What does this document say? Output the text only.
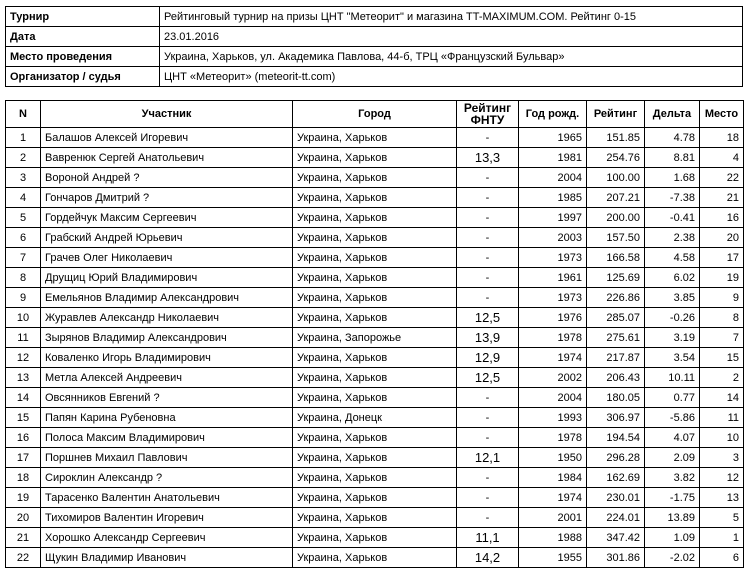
Турнир	Рейтинговый турнир на призы ЦНТ "Метеорит" и магазина TT-MAXIMUM.COM. Рейтинг 0-15
Дата	23.01.2016
Место проведения	Украина, Харьков, ул. Академика Павлова, 44-б, ТРЦ «Французский Бульвар»
Организатор / судья	ЦНТ «Метеорит» (meteorit-tt.com)
N	Участник	Город	Рейтинг ФНТУ	Год рожд.	Рейтинг	Дельта	Место
1	Балашов Алексей Игоревич	Украина, Харьков	-	1965	151.85	4.78	18
2	Вавренюк Сергей Анатольевич	Украина, Харьков	13,3	1981	254.76	8.81	4
3	Вороной Андрей ?	Украина, Харьков	-	2004	100.00	1.68	22
4	Гончаров Дмитрий ?	Украина, Харьков	-	1985	207.21	-7.38	21
5	Гордейчук Максим Сергеевич	Украина, Харьков	-	1997	200.00	-0.41	16
6	Грабский Андрей Юрьевич	Украина, Харьков	-	2003	157.50	2.38	20
7	Грачев Олег Николаевич	Украина, Харьков	-	1973	166.58	4.58	17
8	Друщиц Юрий Владимирович	Украина, Харьков	-	1961	125.69	6.02	19
9	Емельянов Владимир Александрович	Украина, Харьков	-	1973	226.86	3.85	9
10	Журавлев Александр Николаевич	Украина, Харьков	12,5	1976	285.07	-0.26	8
11	Зырянов Владимир Александрович	Украина, Запорожье	13,9	1978	275.61	3.19	7
12	Коваленко Игорь Владимирович	Украина, Харьков	12,9	1974	217.87	3.54	15
13	Метла Алексей Андреевич	Украина, Харьков	12,5	2002	206.43	10.11	2
14	Овсянников Евгений ?	Украина, Харьков	-	2004	180.05	0.77	14
15	Папян Карина Рубеновна	Украина, Донецк	-	1993	306.97	-5.86	11
16	Полоса Максим Владимирович	Украина, Харьков	-	1978	194.54	4.07	10
17	Поршнев Михаил Павлович	Украина, Харьков	12,1	1950	296.28	2.09	3
18	Сироклин Александр ?	Украина, Харьков	-	1984	162.69	3.82	12
19	Тарасенко Валентин Анатольевич	Украина, Харьков	-	1974	230.01	-1.75	13
20	Тихомиров Валентин Игоревич	Украина, Харьков	-	2001	224.01	13.89	5
21	Хорошко Александр Сергеевич	Украина, Харьков	11,1	1988	347.42	1.09	1
22	Щукин Владимир Иванович	Украина, Харьков	14,2	1955	301.86	-2.02	6
